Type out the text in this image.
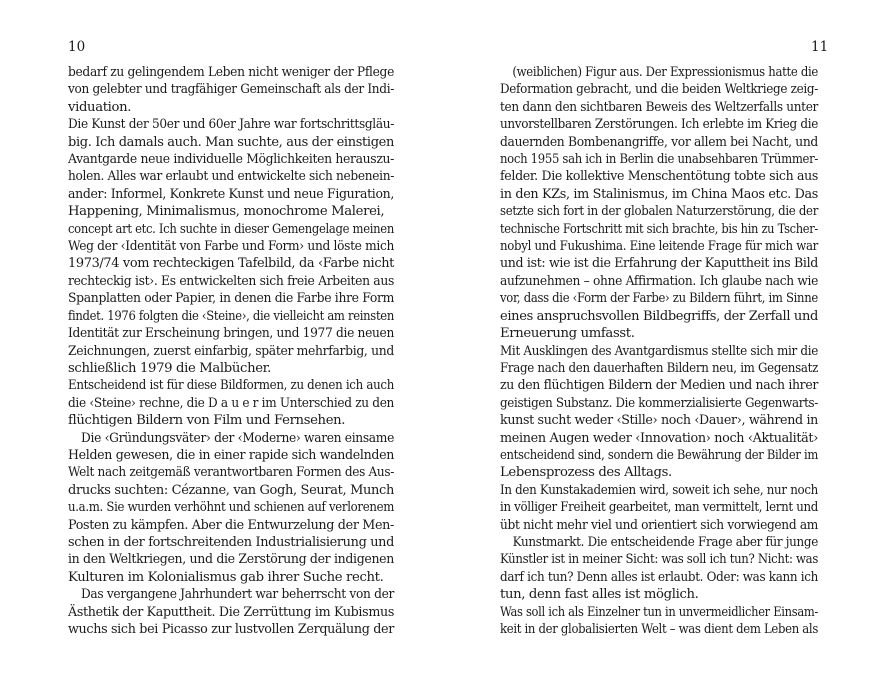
10	11
bedarf zu gelingendem Leben nicht weniger der Pflege
von gelebter und tragfähiger Gemeinschaft als der Indi-
viduation.
Die Kunst der 50er und 60er Jahre war fortschrittsgläu-
big. Ich damals auch. Man suchte, aus der einstigen
Avantgarde neue individuelle Möglichkeiten herauszu-
holen. Alles war erlaubt und entwickelte sich nebenein-
ander: Informel, Konkrete Kunst und neue Figuration,
Happening, Minimalismus, monochrome Malerei,
concept art etc. Ich suchte in dieser Gemengelage meinen
Weg der ‹Identität von Farbe und Form› und löste mich
1973/74 vom rechteckigen Tafelbild, da ‹Farbe nicht
rechteckig ist›. Es entwickelten sich freie Arbeiten aus
Spanplatten oder Papier, in denen die Farbe ihre Form
findet. 1976 folgten die ‹Steine›, die vielleicht am reinsten
Identität zur Erscheinung bringen, und 1977 die neuen
Zeichnungen, zuerst einfarbig, später mehrfarbig, und
schließlich 1979 die Malbücher.
Entscheidend ist für diese Bildformen, zu denen ich auch
die ‹Steine› rechne, die D a u e r im Unterschied zu den
flüchtigen Bildern von Film und Fernsehen.
Die ‹Gründungsväter› der ‹Moderne› waren einsame
Helden gewesen, die in einer rapide sich wandelnden
Welt nach zeitgemäß verantwortbaren Formen des Aus-
drucks suchten: Cézanne, van Gogh, Seurat, Munch
u.a.m. Sie wurden verhöhnt und schienen auf verlorenem
Posten zu kämpfen. Aber die Entwurzelung der Men-
schen in der fortschreitenden Industrialisierung und
in den Weltkriegen, und die Zerstörung der indigenen
Kulturen im Kolonialismus gab ihrer Suche recht.
Das vergangene Jahrhundert war beherrscht von der
Ästhetik der Kaputtheit. Die Zerrüttung im Kubismus
wuchs sich bei Picasso zur lustvollen Zerquälung der
(weiblichen) Figur aus. Der Expressionismus hatte die
Deformation gebracht, und die beiden Weltkriege zeig-
ten dann den sichtbaren Beweis des Weltzerfalls unter
unvorstellbaren Zerstörungen. Ich erlebte im Krieg die
dauernden Bombenangriffe, vor allem bei Nacht, und
noch 1955 sah ich in Berlin die unabsehbaren Trümmer-
felder. Die kollektive Menschentötung tobte sich aus
in den KZs, im Stalinismus, im China Maos etc. Das
setzte sich fort in der globalen Naturzerstörung, die der
technische Fortschritt mit sich brachte, bis hin zu Tscher-
nobyl und Fukushima. Eine leitende Frage für mich war
und ist: wie ist die Erfahrung der Kaputtheit ins Bild
aufzunehmen – ohne Affirmation. Ich glaube nach wie
vor, dass die ‹Form der Farbe› zu Bildern führt, im Sinne
eines anspruchsvollen Bildbegriffs, der Zerfall und
Erneuerung umfasst.
Mit Ausklingen des Avantgardismus stellte sich mir die
Frage nach den dauerhaften Bildern neu, im Gegensatz
zu den flüchtigen Bildern der Medien und nach ihrer
geistigen Substanz. Die kommerzialisierte Gegenwarts-
kunst sucht weder ‹Stille› noch ‹Dauer›, während in
meinen Augen weder ‹Innovation› noch ‹Aktualität›
entscheidend sind, sondern die Bewährung der Bilder im
Lebensprozess des Alltags.
In den Kunstakademien wird, soweit ich sehe, nur noch
in völliger Freiheit gearbeitet, man vermittelt, lernt und
übt nicht mehr viel und orientiert sich vorwiegend am
Kunstmarkt. Die entscheidende Frage aber für junge
Künstler ist in meiner Sicht: was soll ich tun? Nicht: was
darf ich tun? Denn alles ist erlaubt. Oder: was kann ich
tun, denn fast alles ist möglich.
Was soll ich als Einzelner tun in unvermeidlicher Einsam-
keit in der globalisierten Welt – was dient dem Leben als
